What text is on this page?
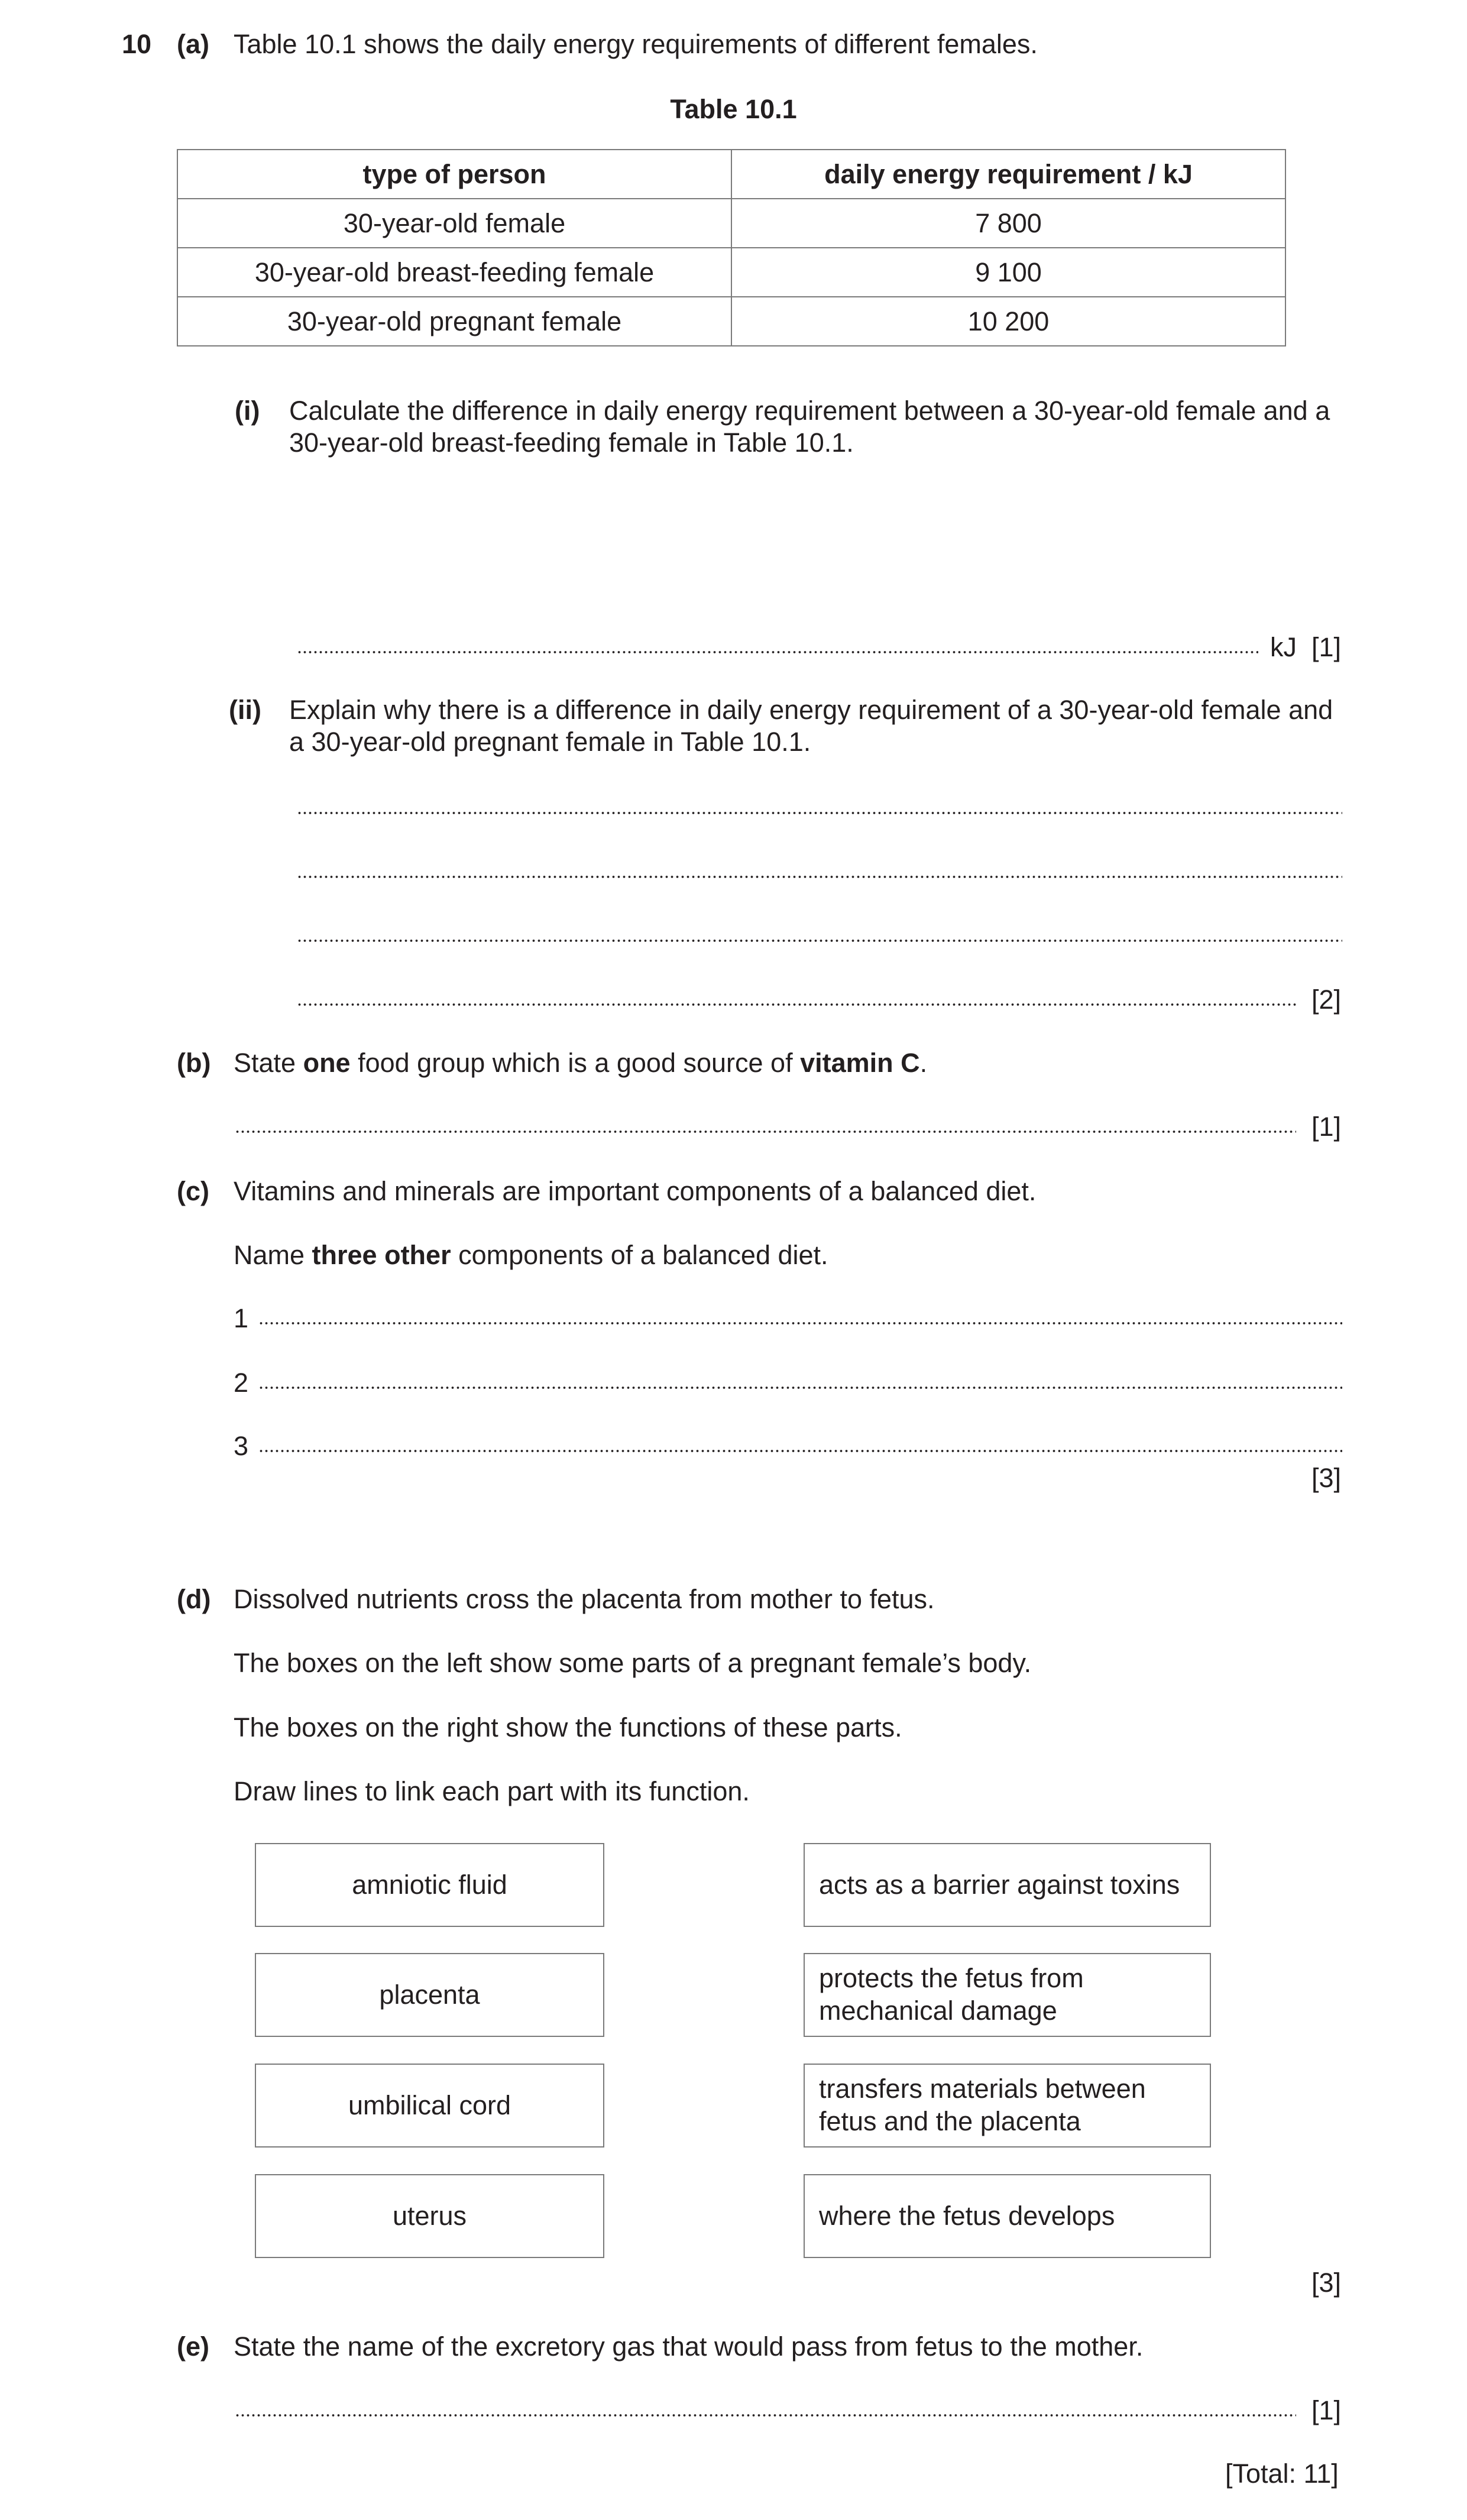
10 (a) Table 10.1 shows the daily energy requirements of different females.
Table 10.1
type of person	daily energy requirement / kJ
30-year-old female	7 800
30-year-old breast-feeding female	9 100
30-year-old pregnant female	10 200
(i) Calculate the difference in daily energy requirement between a 30-year-old female and a
30-year-old breast-feeding female in Table 10.1.
kJ [1]
(ii) Explain why there is a difference in daily energy requirement of a 30-year-old female and
a 30-year-old pregnant female in Table 10.1.
[2]
(b) State one food group which is a good source of vitamin C.
[1]
(c) Vitamins and minerals are important components of a balanced diet.
Name three other components of a balanced diet.
1
2
3
[3]
(d) Dissolved nutrients cross the placenta from mother to fetus.
The boxes on the left show some parts of a pregnant female’s body.
The boxes on the right show the functions of these parts.
Draw lines to link each part with its function.
amniotic fluid
placenta
umbilical cord
uterus
acts as a barrier against toxins
protects the fetus from
mechanical damage
transfers materials between
fetus and the placenta
where the fetus develops
[3]
(e) State the name of the excretory gas that would pass from fetus to the mother.
[1]
[Total: 11]
